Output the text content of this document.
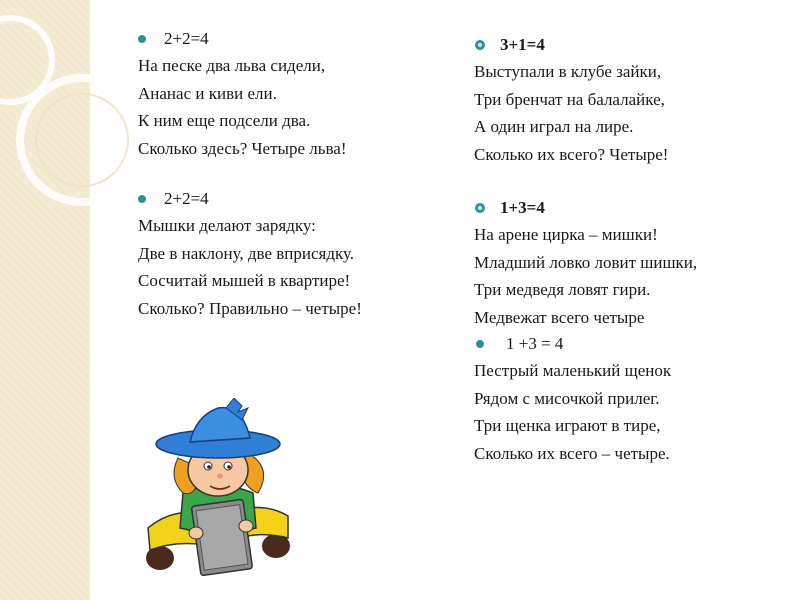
2+2=4
На песке два льва сидели,
Ананас и киви ели.
К ним еще подсели два.
Сколько здесь? Четыре льва!
2+2=4
Мышки делают зарядку:
Две в наклону, две вприсядку.
Сосчитай мышей в квартире!
Сколько? Правильно – четыре!
3+1=4
Выступали в клубе зайки,
Три бренчат на балалайке,
А один играл на лире.
Сколько их всего? Четыре!
1+3=4
На арене цирка – мишки!
Младший ловко ловит шишки,
Три медведя ловят гири.
Медвежат всего четыре
1 +3 = 4
Пестрый маленький щенок
Рядом с мисочкой прилег.
Три щенка играют в тире,
Сколько их всего – четыре.
